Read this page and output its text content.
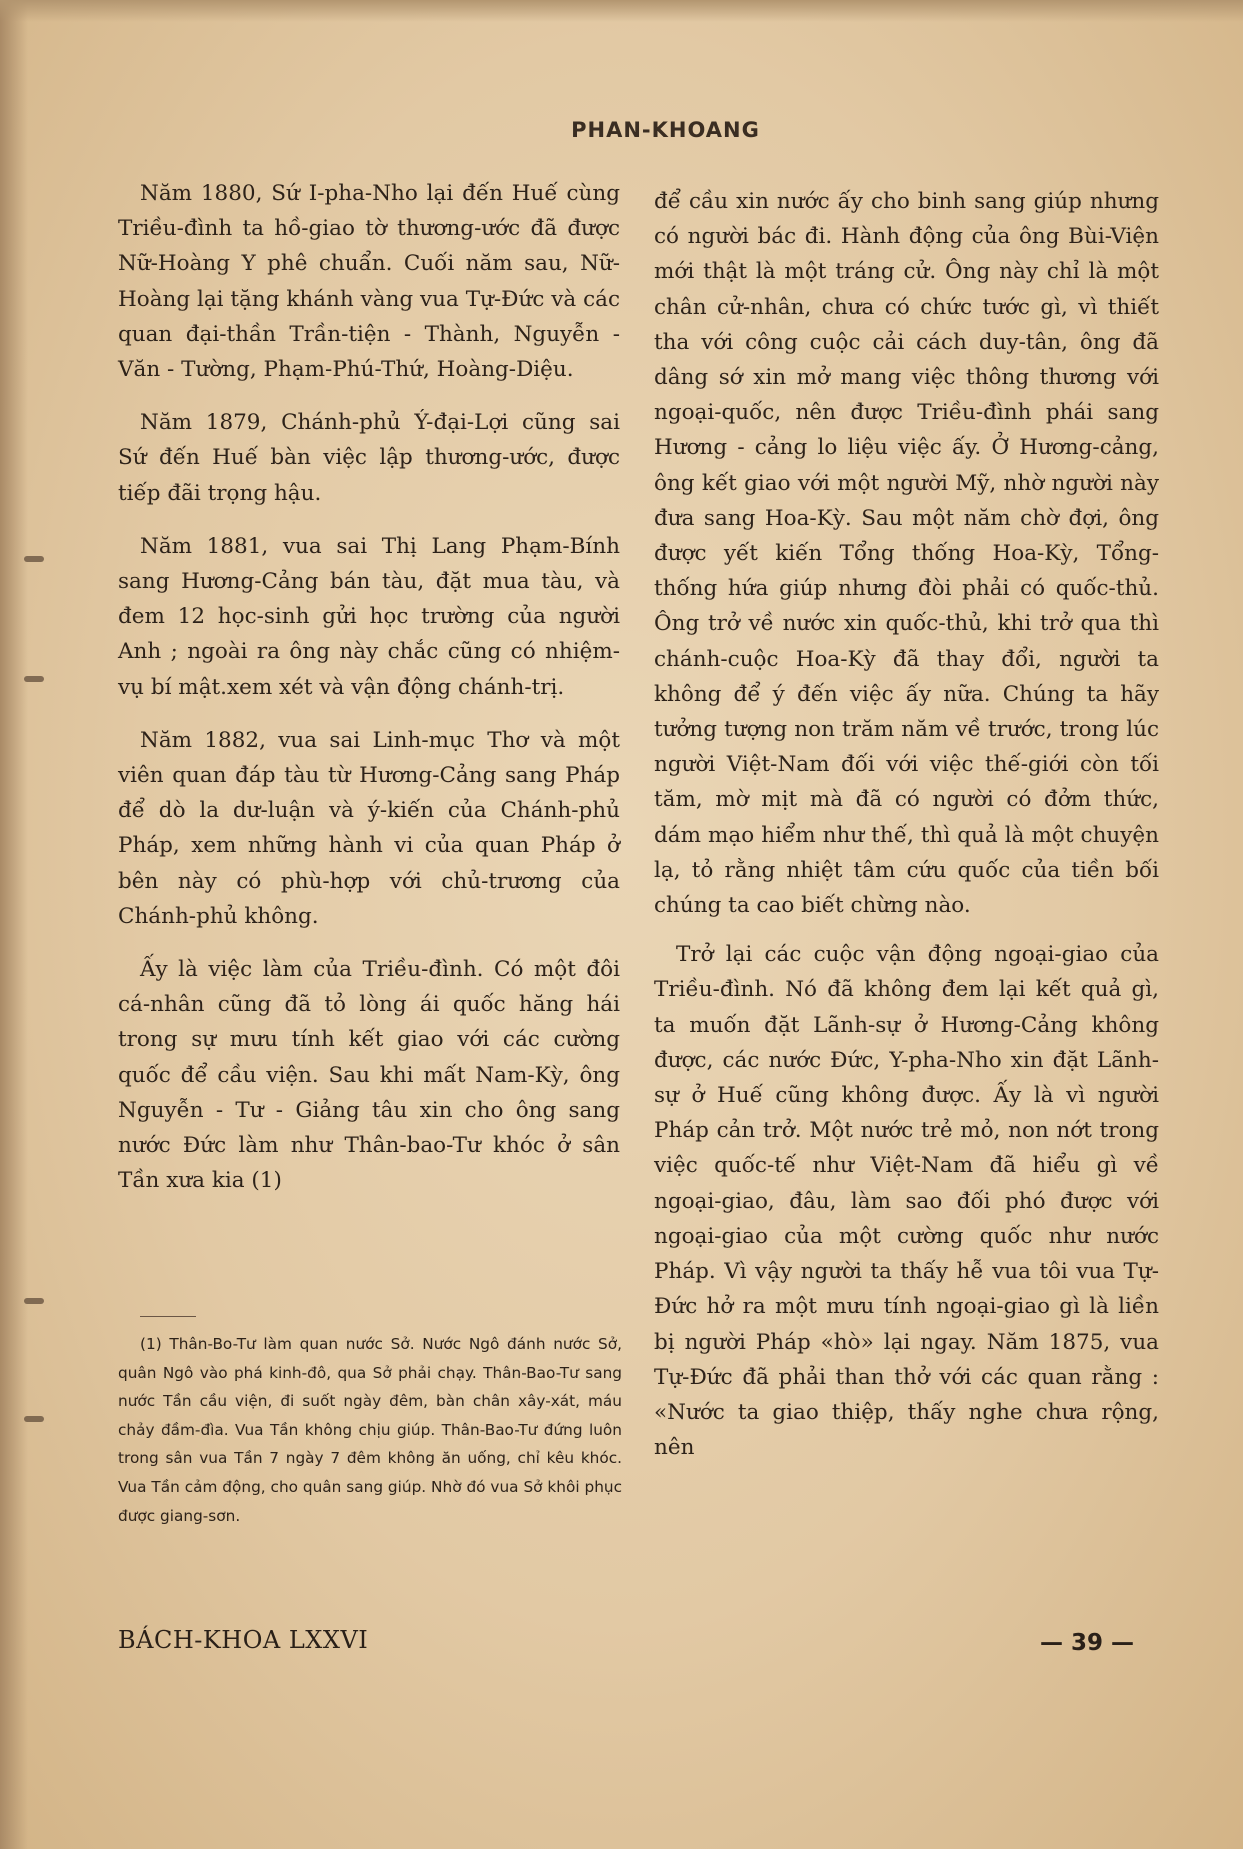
PHAN-KHOANG

Năm 1880, Sứ I-pha-Nho lại đến Huế cùng Triều-đình ta hồ-giao tờ thương-ước đã được Nữ-Hoàng Y phê chuẩn. Cuối năm sau, Nữ-Hoàng lại tặng khánh vàng vua Tự-Đức và các quan đại-thần Trần-tiện - Thành, Nguyễn - Văn - Tường, Phạm-Phú-Thứ, Hoàng-Diệu.

Năm 1879, Chánh-phủ Ý-đại-Lợi cũng sai Sứ đến Huế bàn việc lập thương-ước, được tiếp đãi trọng hậu.

Năm 1881, vua sai Thị Lang Phạm-Bính sang Hương-Cảng bán tàu, đặt mua tàu, và đem 12 học-sinh gửi học trường của người Anh ; ngoài ra ông này chắc cũng có nhiệm-vụ bí mật.xem xét và vận động chánh-trị.

Năm 1882, vua sai Linh-mục Thơ và một viên quan đáp tàu từ Hương-Cảng sang Pháp để dò la dư-luận và ý-kiến của Chánh-phủ Pháp, xem những hành vi của quan Pháp ở bên này có phù-hợp với chủ-trương của Chánh-phủ không.

Ấy là việc làm của Triều-đình. Có một đôi cá-nhân cũng đã tỏ lòng ái quốc hăng hái trong sự mưu tính kết giao với các cường quốc để cầu viện. Sau khi mất Nam-Kỳ, ông Nguyễn - Tư - Giảng tâu xin cho ông sang nước Đức làm như Thân-bao-Tư khóc ở sân Tần xưa kia (1)

(1) Thân-Bo-Tư làm quan nước Sở. Nước Ngô đánh nước Sở, quân Ngô vào phá kinh-đô, qua Sở phải chạy. Thân-Bao-Tư sang nước Tần cầu viện, đi suốt ngày đêm, bàn chân xây-xát, máu chảy đầm-đìa. Vua Tần không chịu giúp. Thân-Bao-Tư đứng luôn trong sân vua Tần 7 ngày 7 đêm không ăn uống, chỉ kêu khóc. Vua Tần cảm động, cho quân sang giúp. Nhờ đó vua Sở khôi phục được giang-sơn.

để cầu xin nước ấy cho binh sang giúp nhưng có người bác đi. Hành động của ông Bùi-Viện mới thật là một tráng cử. Ông này chỉ là một chân cử-nhân, chưa có chức tước gì, vì thiết tha với công cuộc cải cách duy-tân, ông đã dâng sớ xin mở mang việc thông thương với ngoại-quốc, nên được Triều-đình phái sang Hương - cảng lo liệu việc ấy. Ở Hương-cảng, ông kết giao với một người Mỹ, nhờ người này đưa sang Hoa-Kỳ. Sau một năm chờ đợi, ông được yết kiến Tổng thống Hoa-Kỳ, Tổng-thống hứa giúp nhưng đòi phải có quốc-thủ. Ông trở về nước xin quốc-thủ, khi trở qua thì chánh-cuộc Hoa-Kỳ đã thay đổi, người ta không để ý đến việc ấy nữa. Chúng ta hãy tưởng tượng non trăm năm về trước, trong lúc người Việt-Nam đối với việc thế-giới còn tối tăm, mờ mịt mà đã có người có đởm thức, dám mạo hiểm như thế, thì quả là một chuyện lạ, tỏ rằng nhiệt tâm cứu quốc của tiền bối chúng ta cao biết chừng nào.

Trở lại các cuộc vận động ngoại-giao của Triều-đình. Nó đã không đem lại kết quả gì, ta muốn đặt Lãnh-sự ở Hương-Cảng không được, các nước Đức, Y-pha-Nho xin đặt Lãnh-sự ở Huế cũng không được. Ấy là vì người Pháp cản trở. Một nước trẻ mỏ, non nớt trong việc quốc-tế như Việt-Nam đã hiểu gì về ngoại-giao, đâu, làm sao đối phó được với ngoại-giao của một cường quốc như nước Pháp. Vì vậy người ta thấy hễ vua tôi vua Tự-Đức hở ra một mưu tính ngoại-giao gì là liền bị người Pháp «hò» lại ngay. Năm 1875, vua Tự-Đức đã phải than thở với các quan rằng : «Nước ta giao thiệp, thấy nghe chưa rộng, nên

BÁCH-KHOA LXXVI	— 39 —
